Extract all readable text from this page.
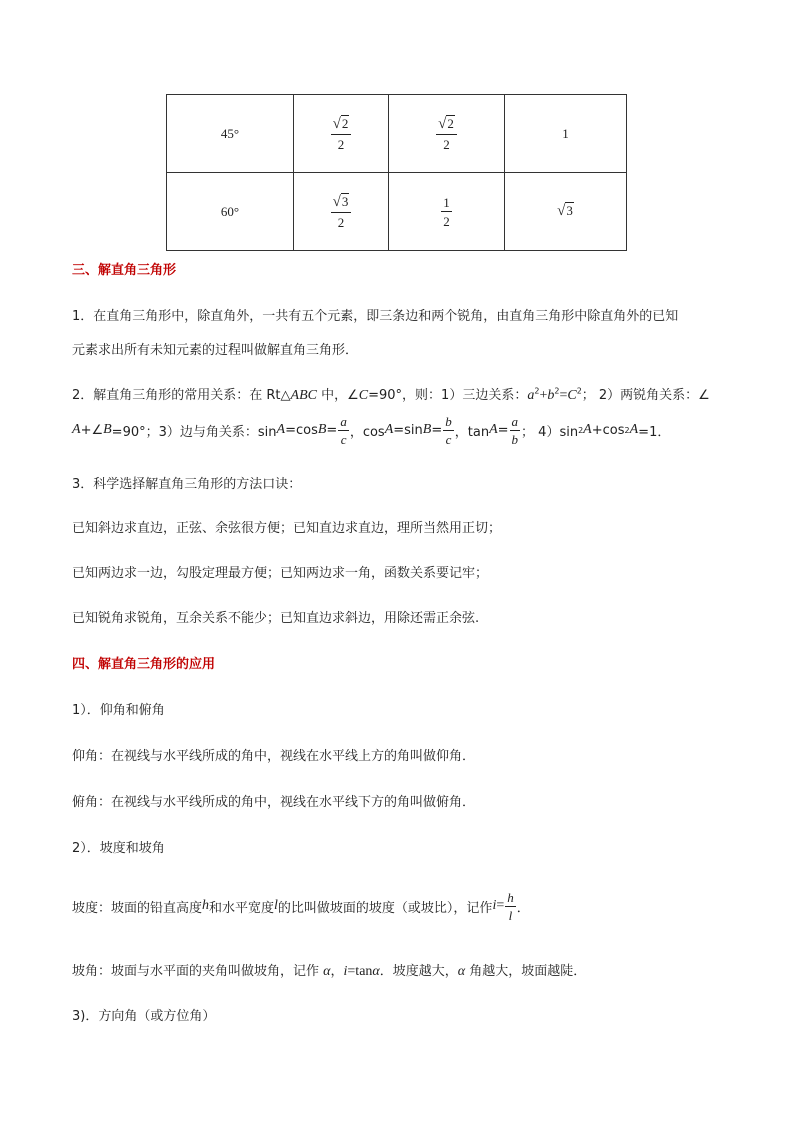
45°	$\frac{√2}{2}$	$\frac{√2}{2}$	1
60°	$\frac{√3}{2}$	$\frac{1}{2}$	√3
三、解直角三角形
1．在直角三角形中，除直角外，一共有五个元素，即三条边和两个锐角，由直角三角形中除直角外的已知
元素求出所有未知元素的过程叫做解直角三角形．
2．解直角三角形的常用关系：在 Rt△ABC 中，∠C=90°，则：1）三边关系：$a^2+b^2=C^2$； 2）两锐角关系：∠
A +∠ B =90°；3）边与角关系：sin A =cos $B = \frac{a}{c}$ ，cos A =sin $B = \frac{b}{c}$ ，$\tan A = \frac{a}{b}$ ； 4）sin 2 A +cos 2 A =1．
3．科学选择解直角三角形的方法口诀：
已知斜边求直边，正弦、余弦很方便；已知直边求直边，理所当然用正切；
已知两边求一边，勾股定理最方便；已知两边求一角，函数关系要记牢；
已知锐角求锐角，互余关系不能少；已知直边求斜边，用除还需正余弦.
四、解直角三角形的应用
1）．仰角和俯角
仰角：在视线与水平线所成的角中，视线在水平线上方的角叫做仰角．
俯角：在视线与水平线所成的角中，视线在水平线下方的角叫做俯角．
2）．坡度和坡角
坡度：坡面的铅直高度 h 和水平宽度 l 的比叫做坡面的坡度（或坡比），记作 $i = \frac{h}{l}$ ．
坡角：坡面与水平面的夹角叫做坡角，记作 α，i=tanα．坡度越大，α 角越大，坡面越陡．
3)．方向角（或方位角）
